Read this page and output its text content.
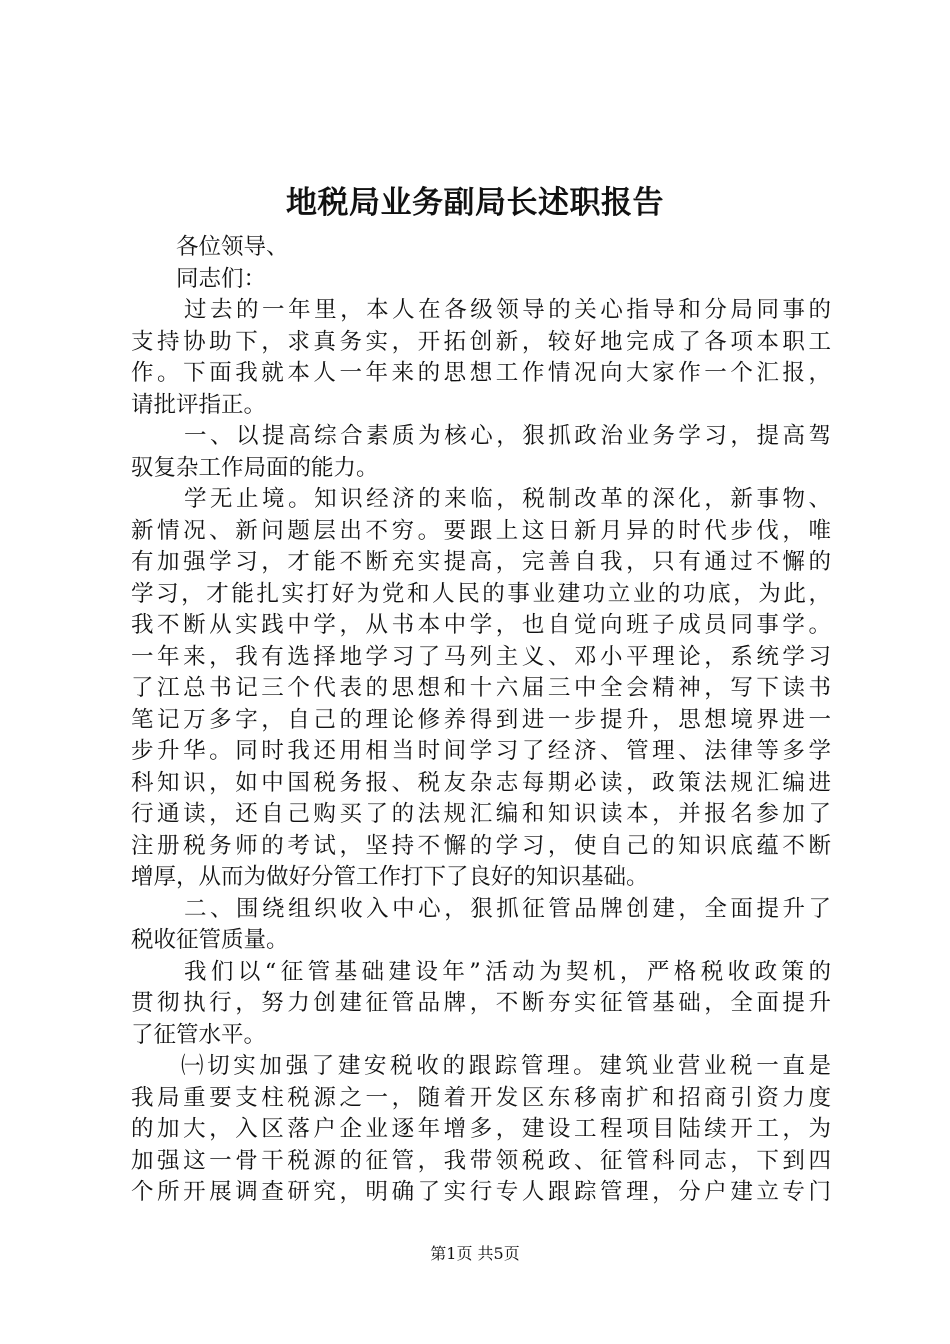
地税局业务副局长述职报告
各位领导、
同志们：
过去的一年里，本人在各级领导的关心指导和分局同事的
支持协助下，求真务实，开拓创新，较好地完成了各项本职工
作。下面我就本人一年来的思想工作情况向大家作一个汇报，
请批评指正。
一、以提高综合素质为核心，狠抓政治业务学习，提高驾
驭复杂工作局面的能力。
学无止境。知识经济的来临，税制改革的深化，新事物、
新情况、新问题层出不穷。要跟上这日新月异的时代步伐，唯
有加强学习，才能不断充实提高，完善自我，只有通过不懈的
学习，才能扎实打好为党和人民的事业建功立业的功底，为此，
我不断从实践中学，从书本中学，也自觉向班子成员同事学。
一年来，我有选择地学习了马列主义、邓小平理论，系统学习
了江总书记三个代表的思想和十六届三中全会精神，写下读书
笔记万多字，自己的理论修养得到进一步提升，思想境界进一
步升华。同时我还用相当时间学习了经济、管理、法律等多学
科知识，如中国税务报、税友杂志每期必读，政策法规汇编进
行通读，还自己购买了的法规汇编和知识读本，并报名参加了
注册税务师的考试，坚持不懈的学习，使自己的知识底蕴不断
增厚，从而为做好分管工作打下了良好的知识基础。
二、围绕组织收入中心，狠抓征管品牌创建，全面提升了
税收征管质量。
我们以“征管基础建设年”活动为契机，严格税收政策的
贯彻执行，努力创建征管品牌，不断夯实征管基础，全面提升
了征管水平。
㈠切实加强了建安税收的跟踪管理。建筑业营业税一直是
我局重要支柱税源之一，随着开发区东移南扩和招商引资力度
的加大，入区落户企业逐年增多，建设工程项目陆续开工，为
加强这一骨干税源的征管，我带领税政、征管科同志，下到四
个所开展调查研究，明确了实行专人跟踪管理，分户建立专门
第1页 共5页
